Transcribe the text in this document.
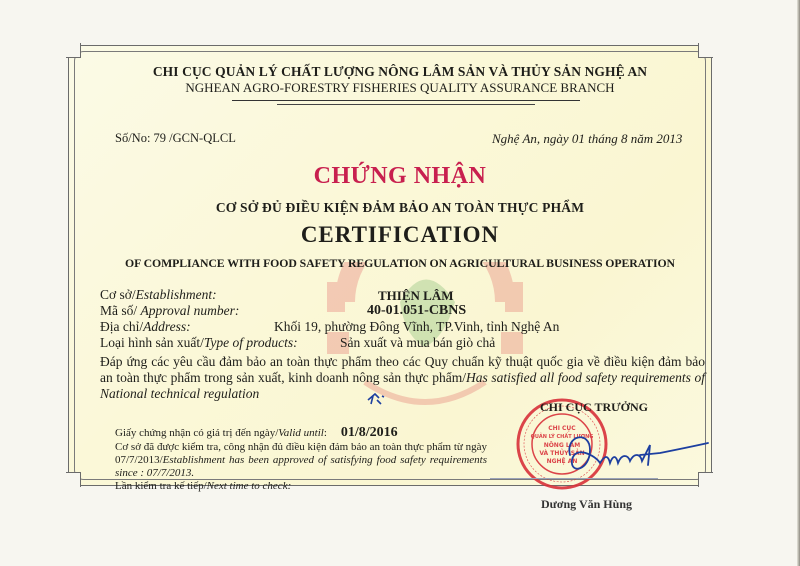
CHI CỤC QUẢN LÝ CHẤT LƯỢNG NÔNG LÂM SẢN VÀ THỦY SẢN NGHỆ AN
NGHEAN AGRO-FORESTRY FISHERIES QUALITY ASSURANCE BRANCH
Số/No: 79 /GCN-QLCL	Nghệ An, ngày 01 tháng 8 năm 2013
CHỨNG NHẬN
CƠ SỞ ĐỦ ĐIỀU KIỆN ĐẢM BẢO AN TOÀN THỰC PHẨM
CERTIFICATION
OF COMPLIANCE WITH FOOD SAFETY REGULATION ON AGRICULTURAL BUSINESS OPERATION
Cơ sở/Establishment:	THIỆN LÂM
Mã số/ Approval number:	40-01.051-CBNS
Địa chỉ/Address:	Khối 19, phường Đông Vĩnh, TP.Vinh, tỉnh Nghệ An
Loại hình sản xuất/Type of products:	Sản xuất và mua bán giò chả
Đáp ứng các yêu cầu đảm bảo an toàn thực phẩm theo các Quy chuẩn kỹ thuật quốc gia về điều kiện đảm bảo an toàn thực phẩm trong sản xuất, kinh doanh nông sản thực phẩm/Has satisfied all food safety requirements of National technical regulation
Giấy chứng nhận có giá trị đến ngày/Valid until: 01/8/2016
Cơ sở đã được kiểm tra, công nhận đủ điều kiện đảm bảo an toàn thực phẩm từ ngày 07/7/2013/Establishment has been approved of satisfying food safety requirements since : 07/7/2013.
Lần kiểm tra kế tiếp/Next time to check:
CHI CỤC
QUẢN LÝ CHẤT LƯỢNG
NÔNG LÂM
VÀ THỦY SẢN
NGHỆ AN
CHI CỤC TRƯỞNG
Dương Văn Hùng
